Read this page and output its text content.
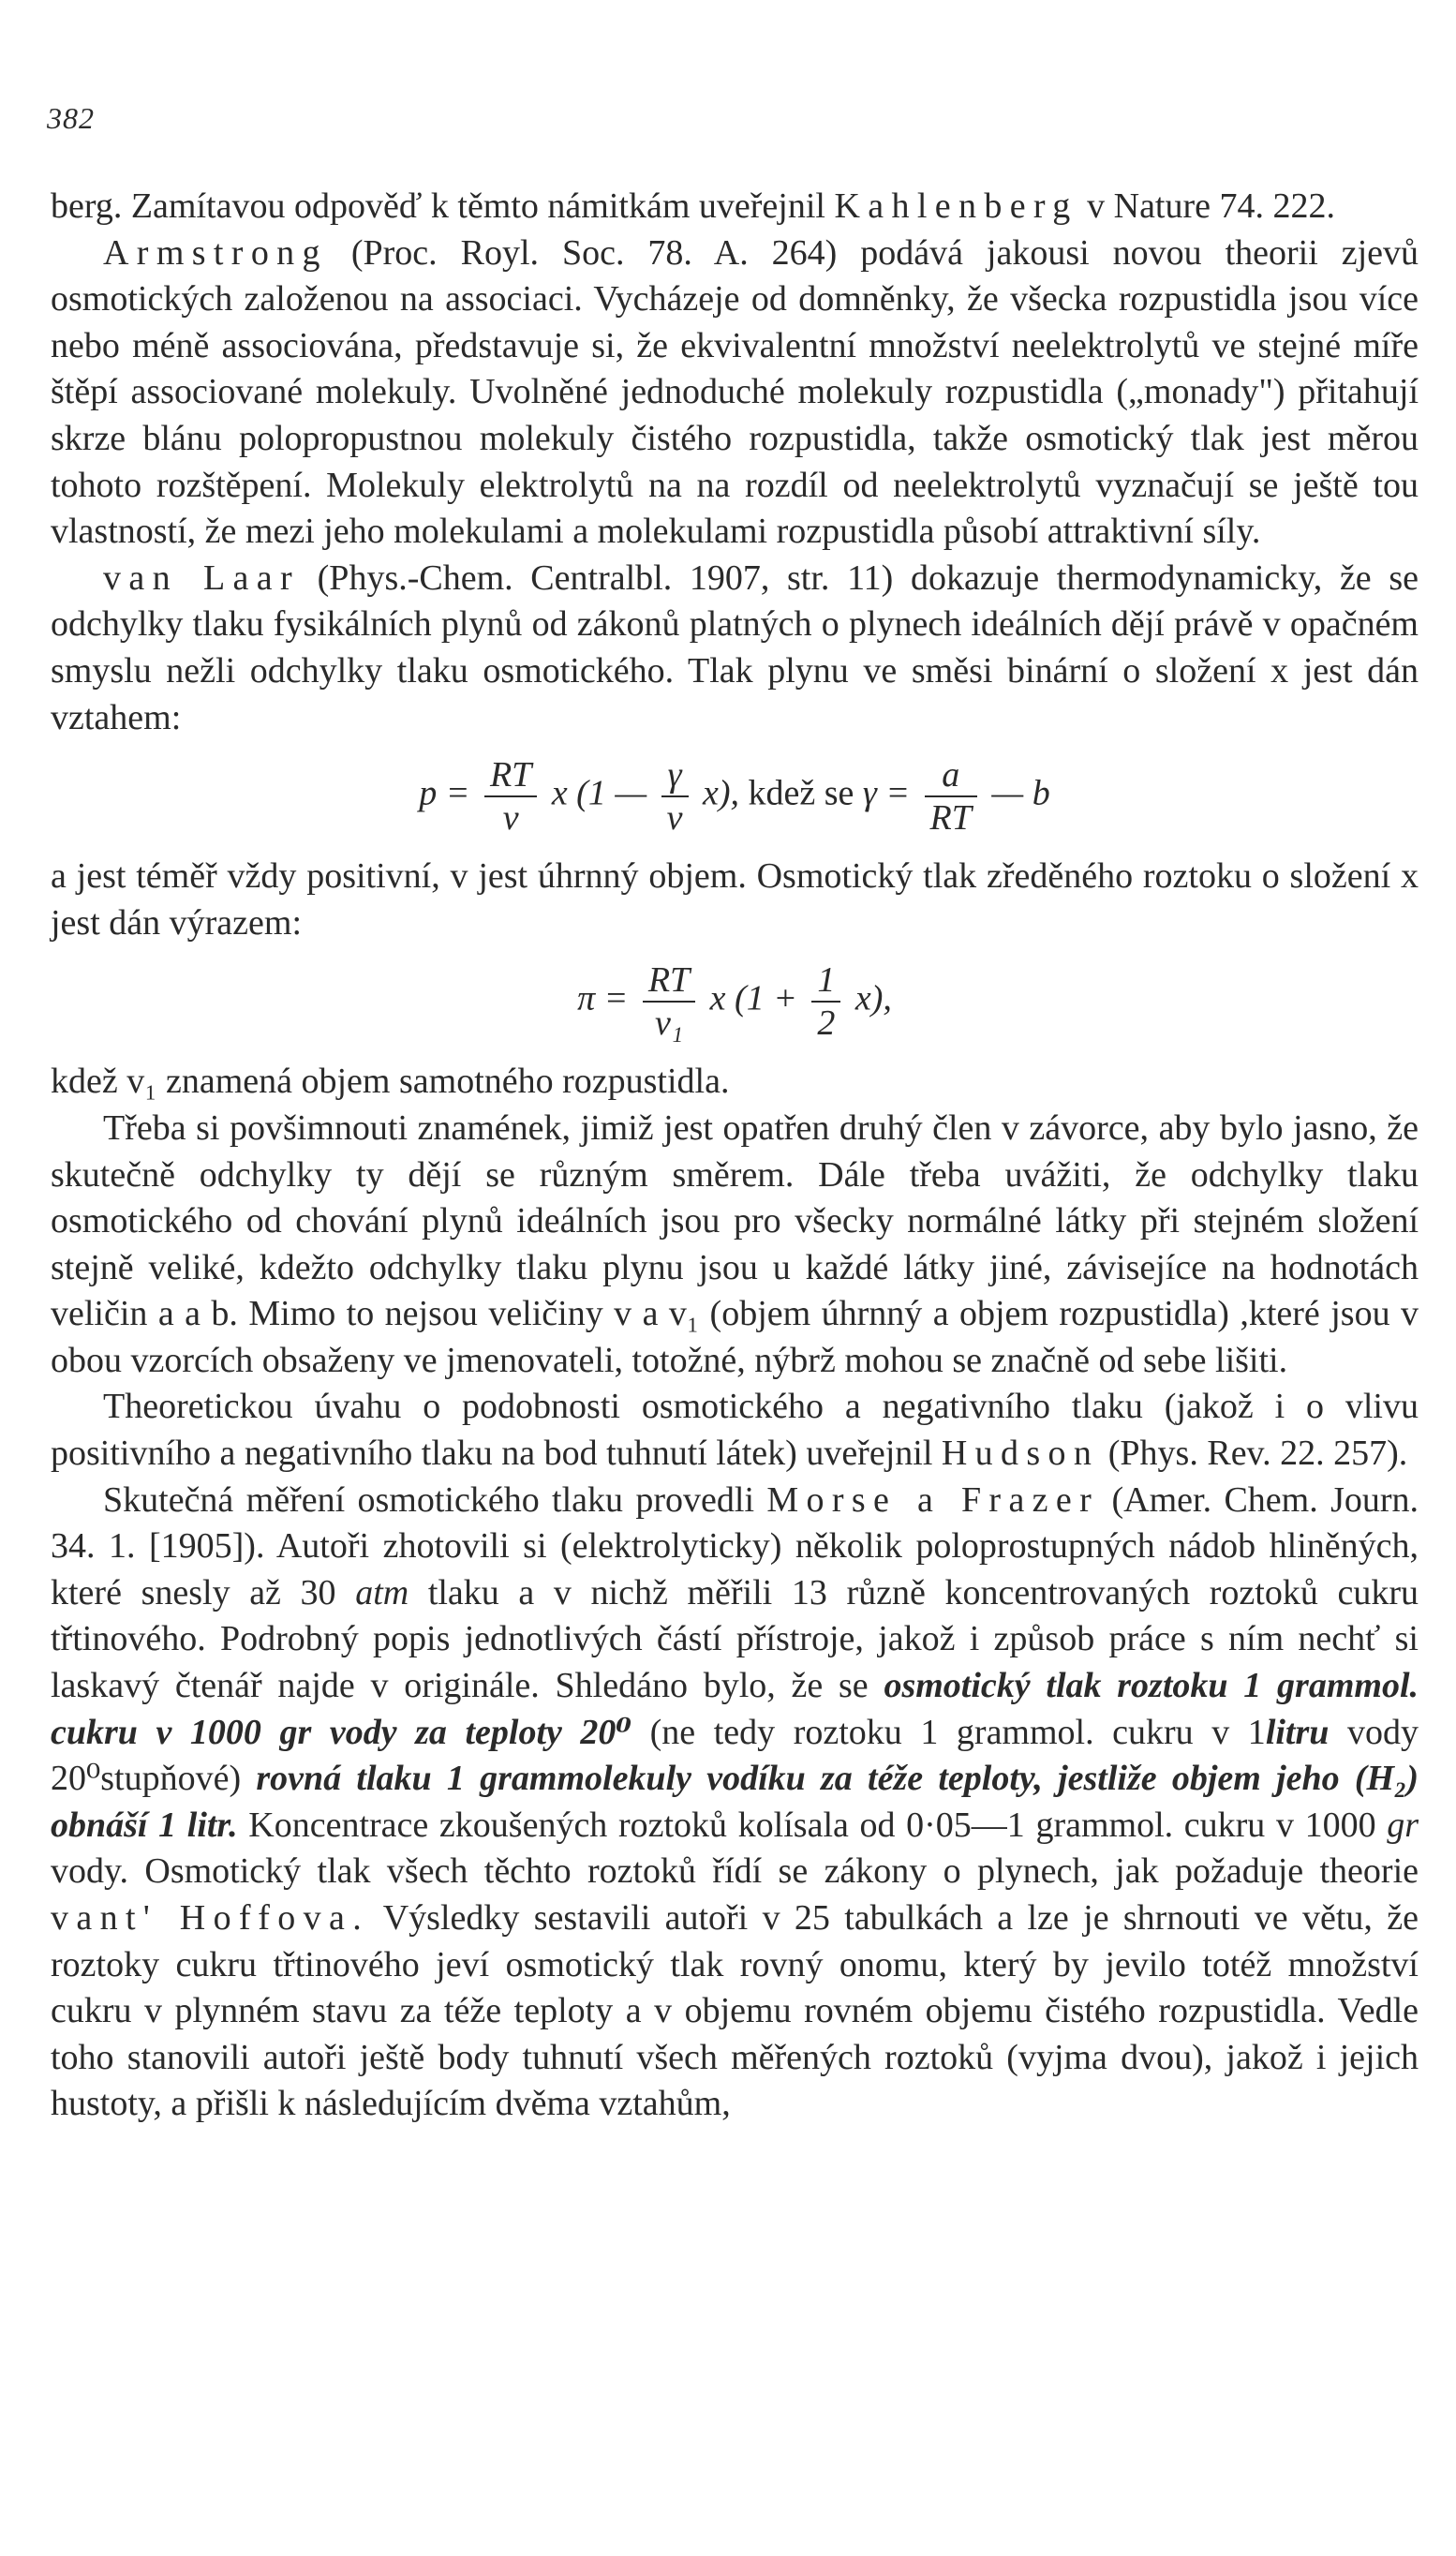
382

berg. Zamítavou odpověď k těmto námitkám uveřejnil Kahlenberg v Nature 74. 222.

Armstrong (Proc. Royl. Soc. 78. A. 264) podává jakousi novou theorii zjevů osmotických založenou na associaci. Vycházeje od domněnky, že všecka rozpustidla jsou více nebo méně associována, představuje si, že ekvivalentní množství neelektrolytů ve stejné míře štěpí associované molekuly. Uvolněné jednoduché molekuly rozpustidla („monady") přitahují skrze blánu polopropustnou molekuly čistého rozpustidla, takže osmotický tlak jest měrou tohoto rozštěpení. Molekuly elektrolytů na na rozdíl od neelektrolytů vyznačují se ještě tou vlastností, že mezi jeho molekulami a molekulami rozpustidla působí attraktivní síly.

van Laar (Phys.-Chem. Centralbl. 1907, str. 11) dokazuje thermodynamicky, že se odchylky tlaku fysikálních plynů od zákonů platných o plynech ideálních dějí právě v opačném smyslu nežli odchylky tlaku osmotického. Tlak plynu ve směsi binární o složení x jest dán vztahem:

$p = \frac{RT}{v}$ x (1 — $\frac{\gamma}{v} x$), kdež se $\gamma = \frac{a}{RT}$ — b

a jest téměř vždy positivní, v jest úhrnný objem. Osmotický tlak zředěného roztoku o složení x jest dán výrazem:

$\pi = \frac{RT}{\text{v₁}}$ x $(1 + \frac{1}{2} x)$,

kdež v₁ znamená objem samotného rozpustidla.

Třeba si povšimnouti znamének, jimiž jest opatřen druhý člen v závorce, aby bylo jasno, že skutečně odchylky ty dějí se různým směrem. Dále třeba uvážiti, že odchylky tlaku osmotického od chování plynů ideálních jsou pro všecky normálné látky při stejném složení stejně veliké, kdežto odchylky tlaku plynu jsou u každé látky jiné, závisejíce na hodnotách veličin a a b. Mimo to nejsou veličiny v a v₁ (objem úhrnný a objem rozpustidla) ,které jsou v obou vzorcích obsaženy ve jmenovateli, totožné, nýbrž mohou se značně od sebe lišiti.

Theoretickou úvahu o podobnosti osmotického a negativního tlaku (jakož i o vlivu positivního a negativního tlaku na bod tuhnutí látek) uveřejnil Hudson (Phys. Rev. 22. 257).

Skutečná měření osmotického tlaku provedli Morse a Frazer (Amer. Chem. Journ. 34. 1. [1905]). Autoři zhotovili si (elektrolyticky) několik poloprostupných nádob hliněných, které snesly až 30 atm tlaku a v nichž měřili 13 různě koncentrovaných roztoků cukru třtinového. Podrobný popis jednotlivých částí přístroje, jakož i způsob práce s ním nechť si laskavý čtenář najde v originále. Shledáno bylo, že se osmotický tlak roztoku 1 grammol. cukru v 1000 gr vody za teploty 20⁰ (ne tedy roztoku 1 grammol. cukru v 1litru vody 20⁰stupňové) rovná tlaku 1 grammolekuly vodíku za téže teploty, jestliže objem jeho (H₂) obnáší 1 litr. Koncentrace zkoušených roztoků kolísala od 0·05—1 grammol. cukru v 1000 gr vody. Osmotický tlak všech těchto roztoků řídí se zákony o plynech, jak požaduje theorie vant' Hoffova. Výsledky sestavili autoři v 25 tabulkách a lze je shrnouti ve větu, že roztoky cukru třtinového jeví osmotický tlak rovný onomu, který by jevilo totéž množství cukru v plynném stavu za téže teploty a v objemu rovném objemu čistého rozpustidla. Vedle toho stanovili autoři ještě body tuhnutí všech měřených roztoků (vyjma dvou), jakož i jejich hustoty, a přišli k následujícím dvěma vztahům,
